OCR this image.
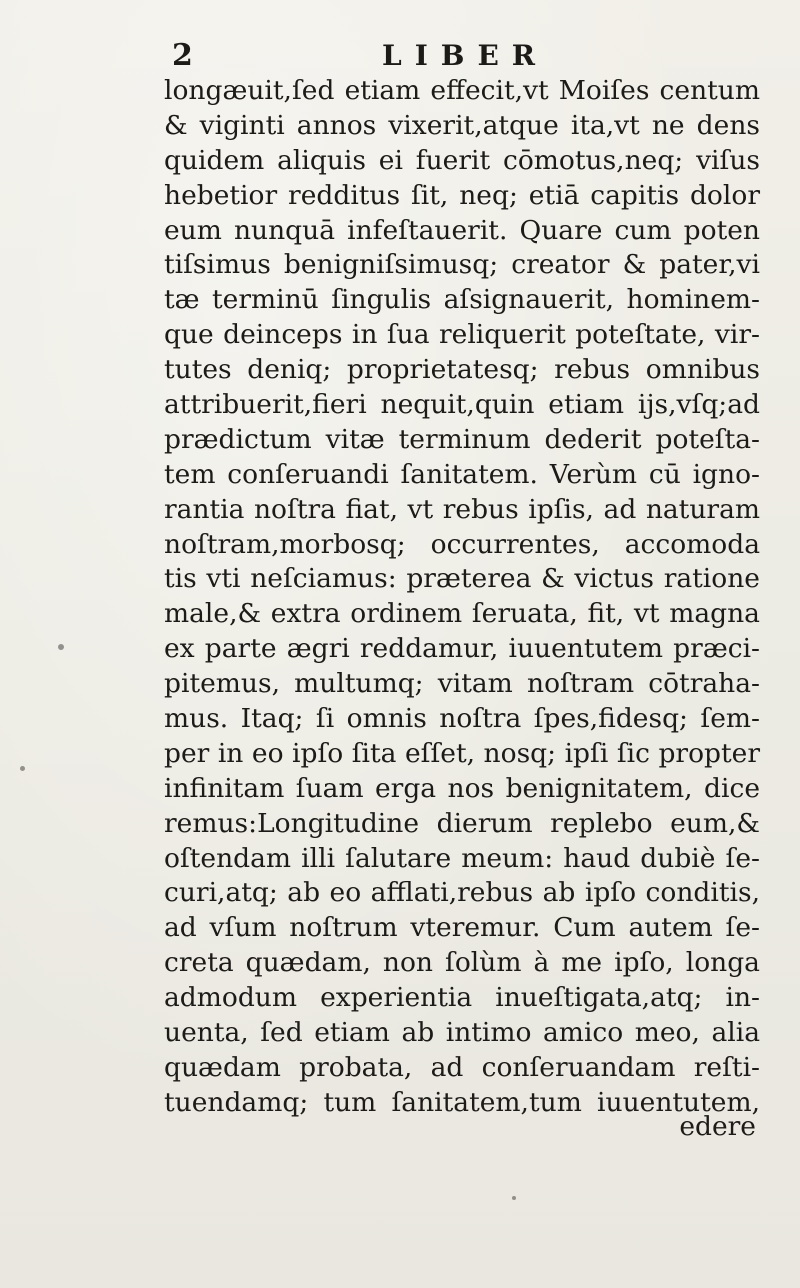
2	LIBER
longæuit,ſed etiam effecit,vt Moiſes centum
& viginti annos vixerit,atque ita,vt ne dens
quidem aliquis ei fuerit cōmotus,neq; viſus
hebetior redditus ſit, neq; etiā capitis dolor
eum nunquā infeſtauerit. Quare cum poten
tiſsimus benigniſsimusq; creator & pater,vi
tæ terminū ſingulis aſsignauerit, hominem-
que deinceps in ſua reliquerit poteſtate, vir-
tutes deniq; proprietatesq; rebus omnibus
attribuerit,fieri nequit,quin etiam ijs,vſq;ad
prædictum vitæ terminum dederit poteſta-
tem conſeruandi ſanitatem. Verùm cū igno-
rantia noſtra fiat, vt rebus ipſis, ad naturam
noſtram,morbosq; occurrentes, accomoda
tis vti neſciamus: præterea & victus ratione
male,& extra ordinem ſeruata, fit, vt magna
ex parte ægri reddamur, iuuentutem præci-
pitemus, multumq; vitam noſtram cōtraha-
mus. Itaq; ſi omnis noſtra ſpes,fidesq; ſem-
per in eo ipſo ſita eſſet, nosq; ipſi ſic propter
infinitam ſuam erga nos benignitatem, dice
remus:Longitudine dierum replebo eum,&
oſtendam illi ſalutare meum: haud dubiè ſe-
curi,atq; ab eo afflati,rebus ab ipſo conditis,
ad vſum noſtrum vteremur. Cum autem ſe-
creta quædam, non ſolùm à me ipſo, longa
admodum experientia inueſtigata,atq; in-
uenta, ſed etiam ab intimo amico meo, alia
quædam probata, ad conſeruandam reſti-
tuendamq; tum ſanitatem,tum iuuentutem,
edere
